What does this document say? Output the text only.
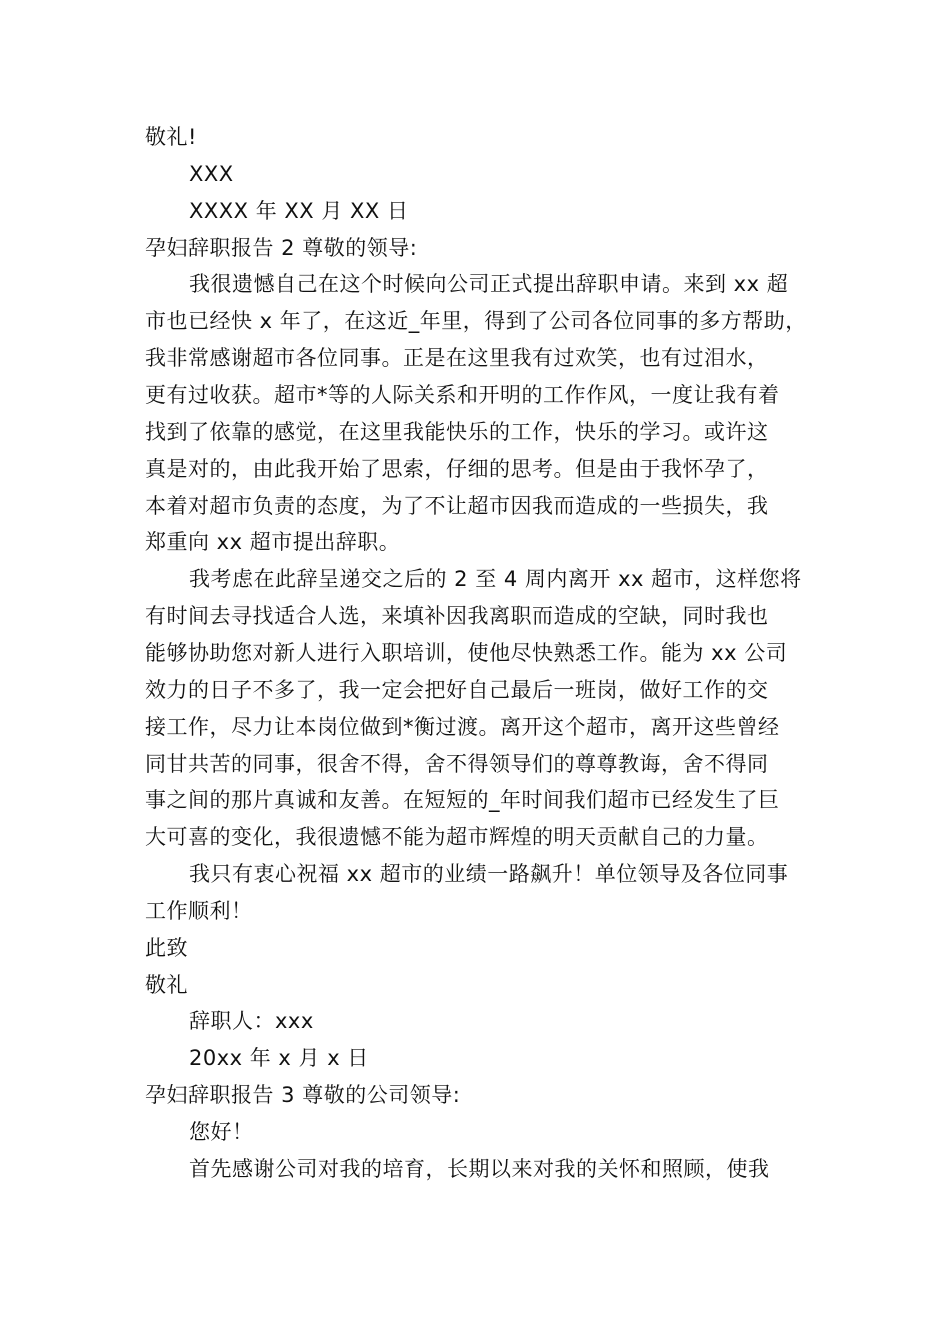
敬礼!
XXX
XXXX 年 XX 月 XX 日
孕妇辞职报告 2 尊敬的领导:
我很遗憾自己在这个时候向公司正式提出辞职申请。来到 xx 超
市也已经快 x 年了，在这近_年里，得到了公司各位同事的多方帮助，
我非常感谢超市各位同事。正是在这里我有过欢笑，也有过泪水，
更有过收获。超市*等的人际关系和开明的工作作风，一度让我有着
找到了依靠的感觉，在这里我能快乐的工作，快乐的学习。或许这
真是对的，由此我开始了思索，仔细的思考。但是由于我怀孕了，
本着对超市负责的态度，为了不让超市因我而造成的一些损失，我
郑重向 xx 超市提出辞职。
我考虑在此辞呈递交之后的 2 至 4 周内离开 xx 超市，这样您将
有时间去寻找适合人选，来填补因我离职而造成的空缺，同时我也
能够协助您对新人进行入职培训，使他尽快熟悉工作。能为 xx 公司
效力的日子不多了，我一定会把好自己最后一班岗，做好工作的交
接工作，尽力让本岗位做到*衡过渡。离开这个超市，离开这些曾经
同甘共苦的同事，很舍不得，舍不得领导们的尊尊教诲，舍不得同
事之间的那片真诚和友善。在短短的_年时间我们超市已经发生了巨
大可喜的变化，我很遗憾不能为超市辉煌的明天贡献自己的力量。
我只有衷心祝福 xx 超市的业绩一路飙升！单位领导及各位同事
工作顺利！
此致
敬礼
辞职人：xxx
20xx 年 x 月 x 日
孕妇辞职报告 3 尊敬的公司领导:
您好！
首先感谢公司对我的培育，长期以来对我的关怀和照顾，使我
